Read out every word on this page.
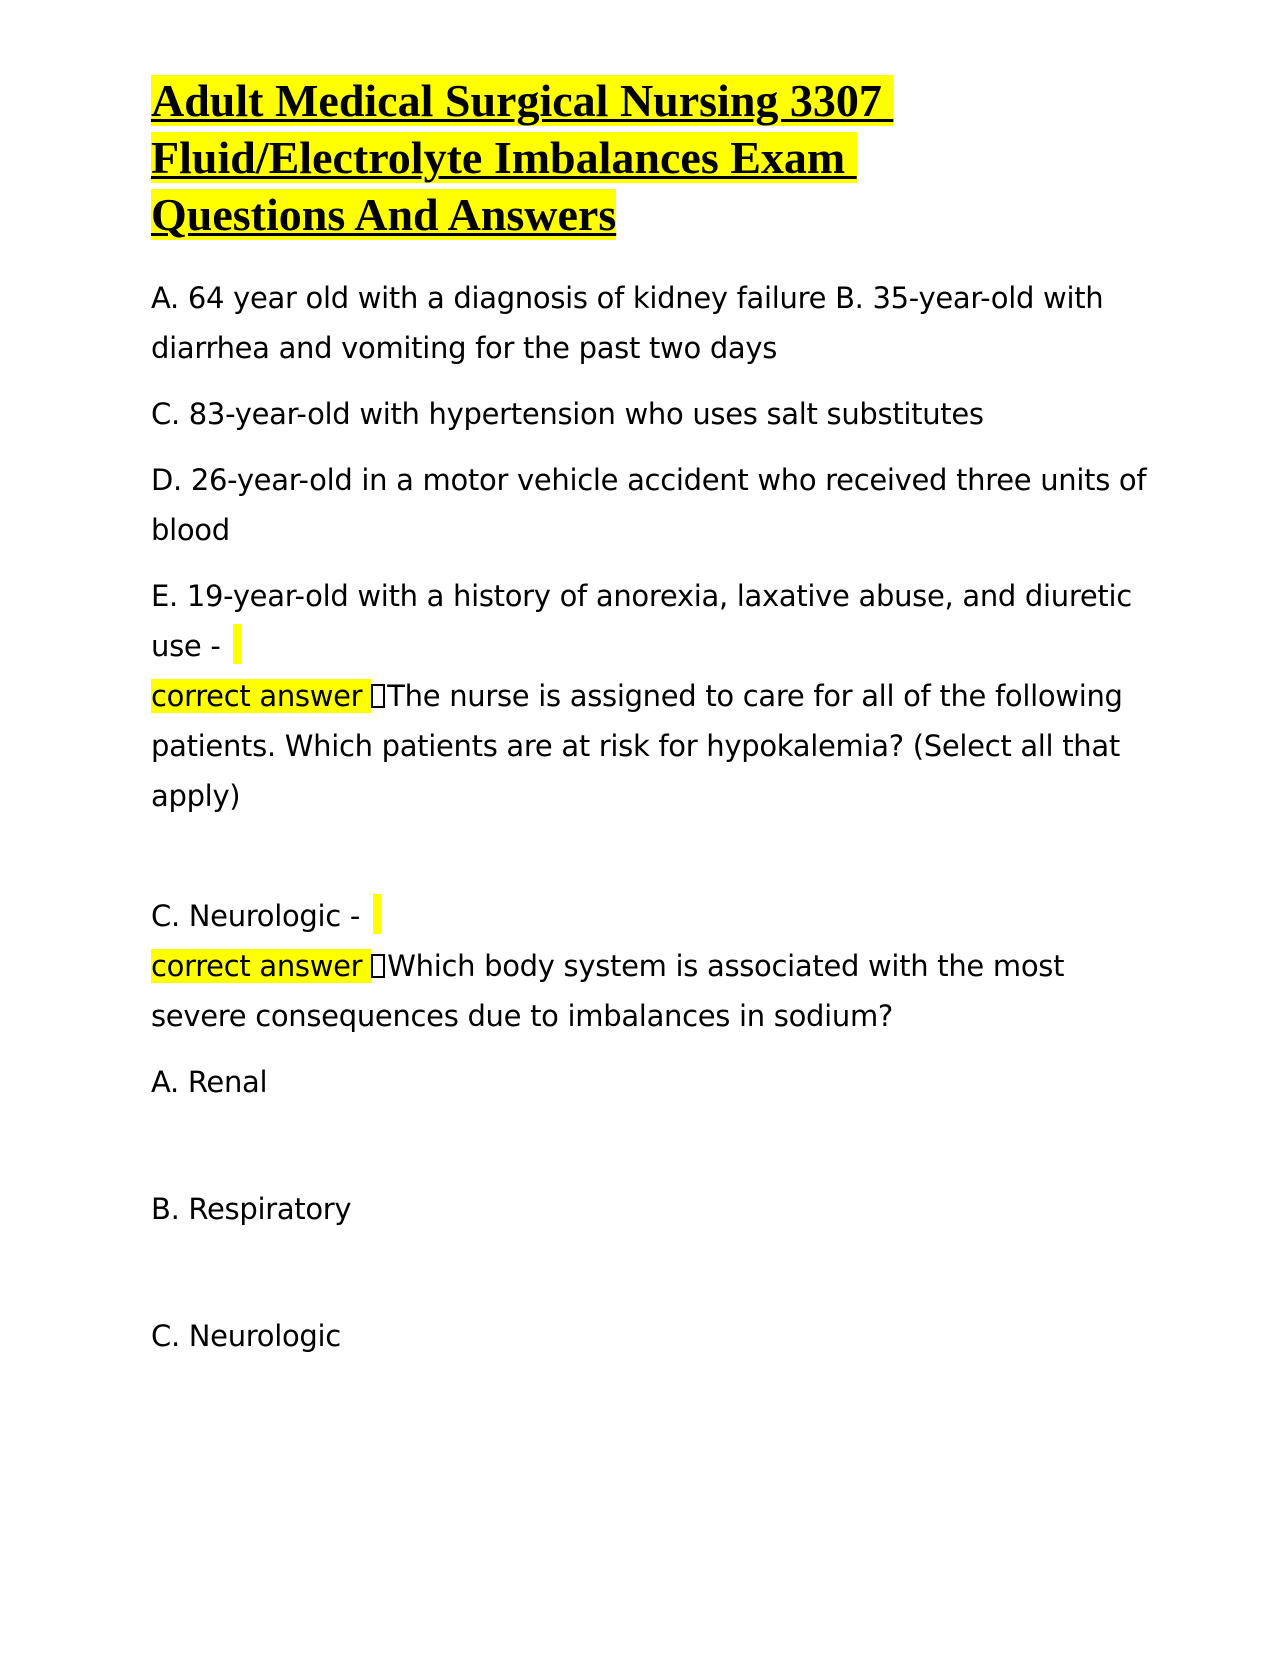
Adult Medical Surgical Nursing 3307
Fluid/Electrolyte Imbalances Exam
Questions And Answers

A. 64 year old with a diagnosis of kidney failure B. 35-year-old with diarrhea and vomiting for the past two days

C. 83-year-old with hypertension who uses salt substitutes

D. 26-year-old in a motor vehicle accident who received three units of blood

E. 19-year-old with a history of anorexia, laxative abuse, and diuretic use -

correct answer The nurse is assigned to care for all of the following patients. Which patients are at risk for hypokalemia? (Select all that apply)

C. Neurologic -

correct answer Which body system is associated with the most severe consequences due to imbalances in sodium?

A. Renal

B. Respiratory

C. Neurologic
